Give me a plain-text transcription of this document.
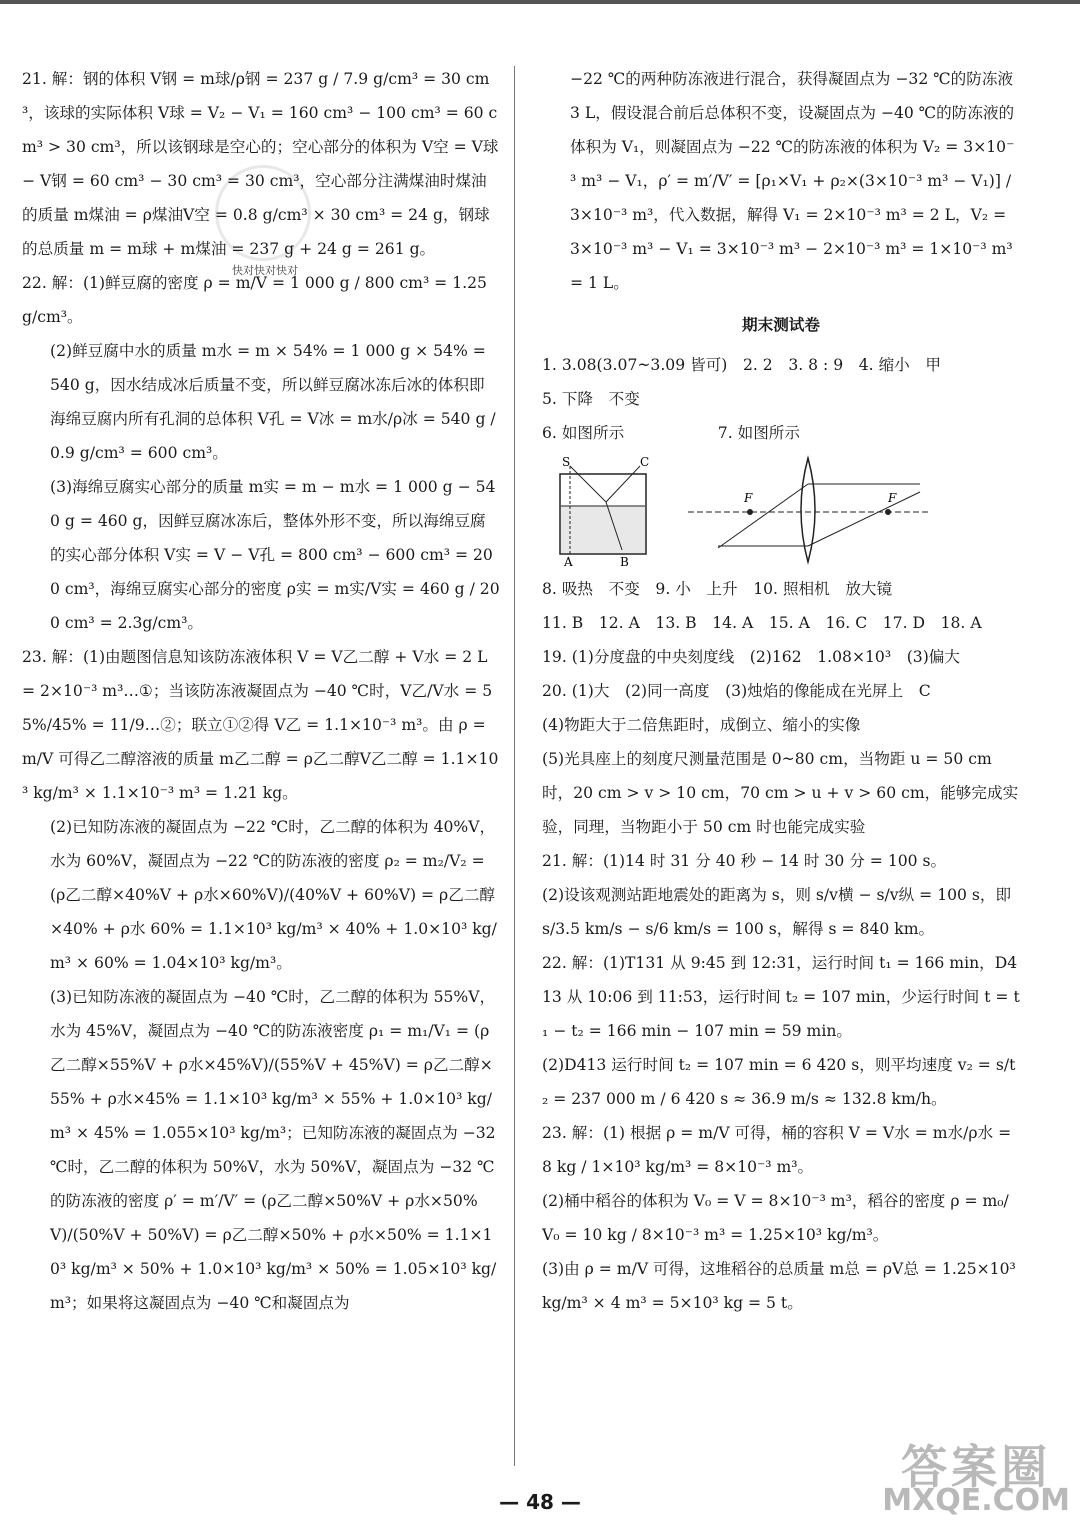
快对快对快对

21. 解：钢的体积 V钢 = m球/ρ钢 = 237 g / 7.9 g/cm³ = 30 cm³，该球的实际体积 V球 = V₂ − V₁ = 160 cm³ − 100 cm³ = 60 cm³ > 30 cm³，所以该钢球是空心的；空心部分的体积为 V空 = V球 − V钢 = 60 cm³ − 30 cm³ = 30 cm³，空心部分注满煤油时煤油的质量 m煤油 = ρ煤油V空 = 0.8 g/cm³ × 30 cm³ = 24 g，钢球的总质量 m = m球 + m煤油 = 237 g + 24 g = 261 g。

22. 解：(1)鲜豆腐的密度 ρ = m/V = 1 000 g / 800 cm³ = 1.25 g/cm³。

(2)鲜豆腐中水的质量 m水 = m × 54% = 1 000 g × 54% = 540 g，因水结成冰后质量不变，所以鲜豆腐冰冻后冰的体积即海绵豆腐内所有孔洞的总体积 V孔 = V冰 = m水/ρ冰 = 540 g / 0.9 g/cm³ = 600 cm³。

(3)海绵豆腐实心部分的质量 m实 = m − m水 = 1 000 g − 540 g = 460 g，因鲜豆腐冰冻后，整体外形不变，所以海绵豆腐的实心部分体积 V实 = V − V孔 = 800 cm³ − 600 cm³ = 200 cm³，海绵豆腐实心部分的密度 ρ实 = m实/V实 = 460 g / 200 cm³ = 2.3g/cm³。

23. 解：(1)由题图信息知该防冻液体积 V = V乙二醇 + V水 = 2 L = 2×10⁻³ m³…①；当该防冻液凝固点为 −40 ℃时，V乙/V水 = 55%/45% = 11/9…②；联立①②得 V乙 = 1.1×10⁻³ m³。由 ρ = m/V 可得乙二醇溶液的质量 m乙二醇 = ρ乙二醇V乙二醇 = 1.1×10³ kg/m³ × 1.1×10⁻³ m³ = 1.21 kg。

(2)已知防冻液的凝固点为 −22 ℃时，乙二醇的体积为 40%V，水为 60%V，凝固点为 −22 ℃的防冻液的密度 ρ₂ = m₂/V₂ = (ρ乙二醇×40%V + ρ水×60%V)/(40%V + 60%V) = ρ乙二醇×40% + ρ水 60% = 1.1×10³ kg/m³ × 40% + 1.0×10³ kg/m³ × 60% = 1.04×10³ kg/m³。

(3)已知防冻液的凝固点为 −40 ℃时，乙二醇的体积为 55%V，水为 45%V，凝固点为 −40 ℃的防冻液密度 ρ₁ = m₁/V₁ = (ρ乙二醇×55%V + ρ水×45%V)/(55%V + 45%V) = ρ乙二醇×55% + ρ水×45% = 1.1×10³ kg/m³ × 55% + 1.0×10³ kg/m³ × 45% = 1.055×10³ kg/m³；已知防冻液的凝固点为 −32 ℃时，乙二醇的体积为 50%V，水为 50%V，凝固点为 −32 ℃的防冻液的密度 ρ′ = m′/V′ = (ρ乙二醇×50%V + ρ水×50%V)/(50%V + 50%V) = ρ乙二醇×50% + ρ水×50% = 1.1×10³ kg/m³ × 50% + 1.0×10³ kg/m³ × 50% = 1.05×10³ kg/m³；如果将这凝固点为 −40 ℃和凝固点为

−22 ℃的两种防冻液进行混合，获得凝固点为 −32 ℃的防冻液 3 L，假设混合前后总体积不变，设凝固点为 −40 ℃的防冻液的体积为 V₁，则凝固点为 −22 ℃的防冻液的体积为 V₂ = 3×10⁻³ m³ − V₁，ρ′ = m′/V′ = [ρ₁×V₁ + ρ₂×(3×10⁻³ m³ − V₁)] / 3×10⁻³ m³，代入数据，解得 V₁ = 2×10⁻³ m³ = 2 L，V₂ = 3×10⁻³ m³ − V₁ = 3×10⁻³ m³ − 2×10⁻³ m³ = 1×10⁻³ m³ = 1 L。

期末测试卷

1. 3.08(3.07~3.09 皆可)　2. 2　3. 8 : 9　4. 缩小　甲

5. 下降　不变

6. 如图所示　　　　　　7. 如图所示

S	C
A	B
F	F

8. 吸热　不变　9. 小　上升　10. 照相机　放大镜

11. B　12. A　13. B　14. A　15. A　16. C　17. D　18. A

19. (1)分度盘的中央刻度线　(2)162　1.08×10³　(3)偏大

20. (1)大　(2)同一高度　(3)烛焰的像能成在光屏上　C

(4)物距大于二倍焦距时，成倒立、缩小的实像

(5)光具座上的刻度尺测量范围是 0~80 cm，当物距 u = 50 cm 时，20 cm > v > 10 cm，70 cm > u + v > 60 cm，能够完成实验，同理，当物距小于 50 cm 时也能完成实验

21. 解：(1)14 时 31 分 40 秒 − 14 时 30 分 = 100 s。

(2)设该观测站距地震处的距离为 s，则 s/v横 − s/v纵 = 100 s，即 s/3.5 km/s − s/6 km/s = 100 s，解得 s = 840 km。

22. 解：(1)T131 从 9:45 到 12:31，运行时间 t₁ = 166 min，D413 从 10:06 到 11:53，运行时间 t₂ = 107 min，少运行时间 t = t₁ − t₂ = 166 min − 107 min = 59 min。

(2)D413 运行时间 t₂ = 107 min = 6 420 s，则平均速度 v₂ = s/t₂ = 237 000 m / 6 420 s ≈ 36.9 m/s ≈ 132.8 km/h。

23. 解：(1) 根据 ρ = m/V 可得，桶的容积 V = V水 = m水/ρ水 = 8 kg / 1×10³ kg/m³ = 8×10⁻³ m³。

(2)桶中稻谷的体积为 V₀ = V = 8×10⁻³ m³，稻谷的密度 ρ = m₀/V₀ = 10 kg / 8×10⁻³ m³ = 1.25×10³ kg/m³。

(3)由 ρ = m/V 可得，这堆稻谷的总质量 m总 = ρV总 = 1.25×10³ kg/m³ × 4 m³ = 5×10³ kg = 5 t。

— 48 —
答案圈
MXQE.COM
